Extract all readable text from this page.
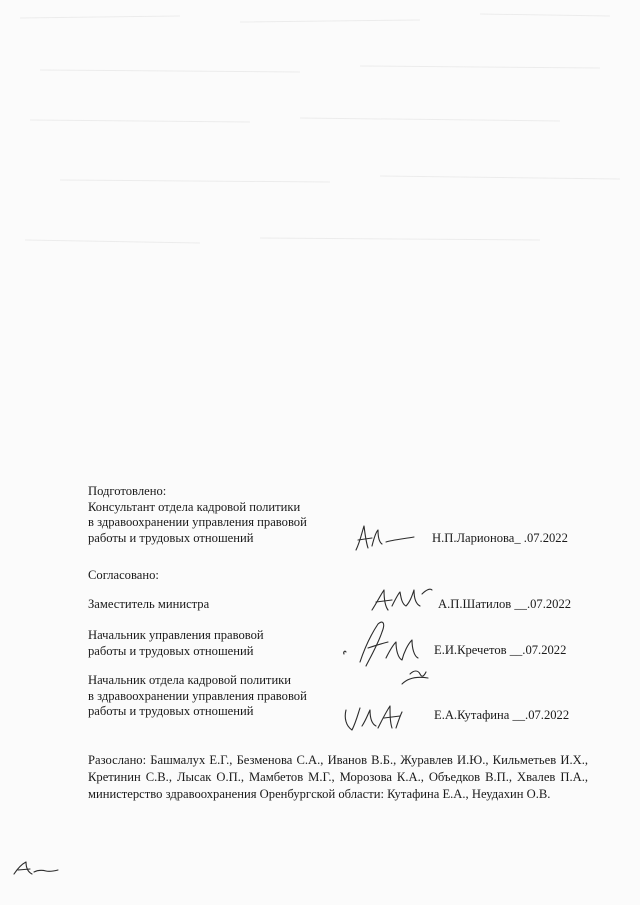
Подготовлено:
Консультант отдела кадровой политики
в здравоохранении управления правовой
работы и трудовых отношений	Н.П.Ларионова_ .07.2022
Согласовано:
Заместитель министра	А.П.Шатилов __.07.2022
Начальник управления правовой
работы и трудовых отношений	Е.И.Кречетов __.07.2022
Начальник отдела кадровой политики
в здравоохранении управления правовой
работы и трудовых отношений	Е.А.Кутафина __.07.2022
Разослано: Башмалух Е.Г., Безменова С.А., Иванов В.Б., Журавлев И.Ю., Кильметьев И.Х., Кретинин С.В., Лысак О.П., Мамбетов М.Г., Морозова К.А., Объедков В.П., Хвалев П.А., министерство здравоохранения Оренбургской области: Кутафина Е.А., Неудахин О.В.
